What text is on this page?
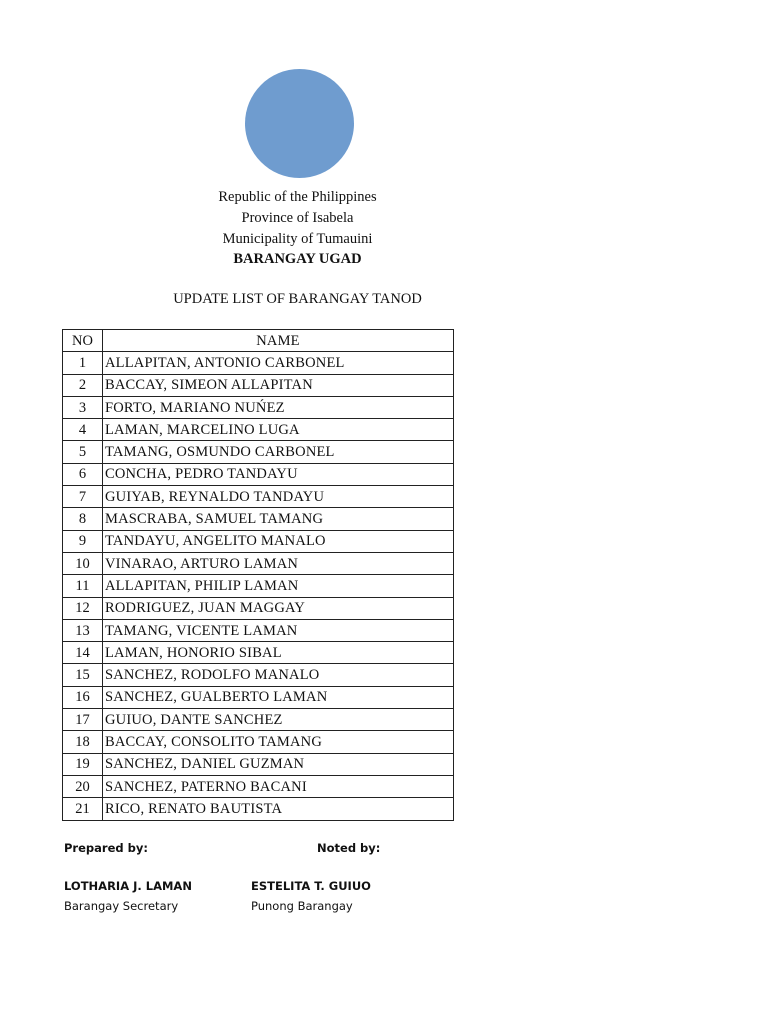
Republic of the Philippines
Province of Isabela
Municipality of Tumauini
BARANGAY UGAD
UPDATE LIST OF BARANGAY TANOD
NO	NAME
1	ALLAPITAN, ANTONIO CARBONEL
2	BACCAY, SIMEON ALLAPITAN
3	FORTO, MARIANO NUŃEZ
4	LAMAN, MARCELINO LUGA
5	TAMANG, OSMUNDO CARBONEL
6	CONCHA, PEDRO TANDAYU
7	GUIYAB, REYNALDO TANDAYU
8	MASCRABA, SAMUEL TAMANG
9	TANDAYU, ANGELITO MANALO
10	VINARAO, ARTURO LAMAN
11	ALLAPITAN, PHILIP LAMAN
12	RODRIGUEZ, JUAN MAGGAY
13	TAMANG, VICENTE LAMAN
14	LAMAN, HONORIO SIBAL
15	SANCHEZ, RODOLFO MANALO
16	SANCHEZ, GUALBERTO LAMAN
17	GUIUO, DANTE SANCHEZ
18	BACCAY, CONSOLITO TAMANG
19	SANCHEZ, DANIEL GUZMAN
20	SANCHEZ, PATERNO BACANI
21	RICO, RENATO BAUTISTA
Prepared by:	Noted by:
LOTHARIA J. LAMAN
Barangay Secretary
ESTELITA T. GUIUO
Punong Barangay
